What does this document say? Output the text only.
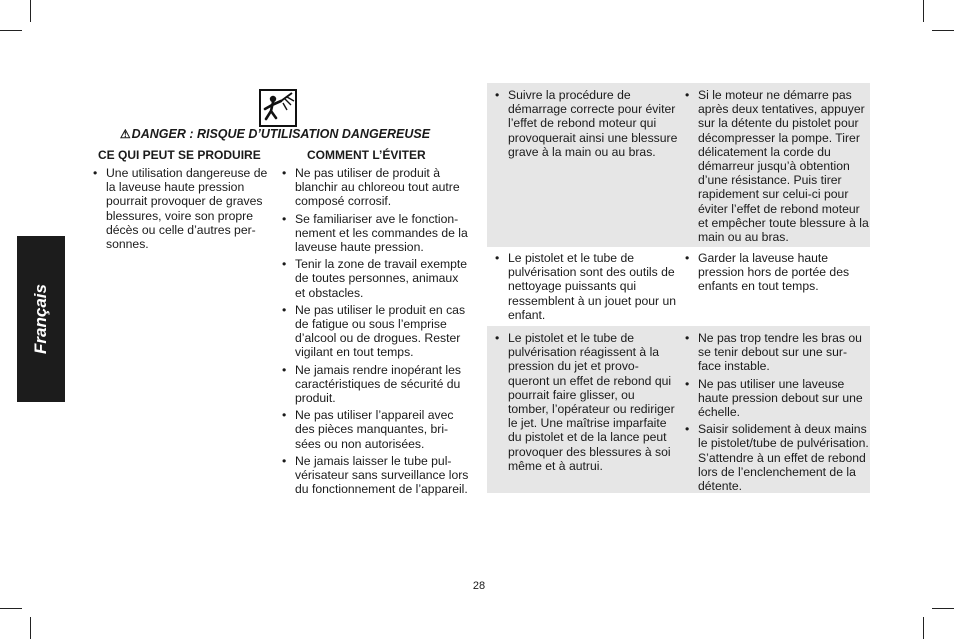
Français
⚠DANGER : RISQUE D’UTILISATION DANGEREUSE
CE QUI PEUT SE PRODUIRE	COMMENT L’ÉVITER
• Une utilisation dangereuse de la laveuse haute pression pourrait provoquer de graves blessures, voire son propre décès ou celle d’autres per-sonnes.
• Ne pas utiliser de produit à blanchir au chloreou tout autre composé corrosif.
• Se familiariser ave le fonction-nement et les commandes de la laveuse haute pression.
• Tenir la zone de travail exempte de toutes personnes, animaux et obstacles.
• Ne pas utiliser le produit en cas de fatigue ou sous l’emprise d’alcool ou de drogues. Rester vigilant en tout temps.
• Ne jamais rendre inopérant les caractéristiques de sécurité du produit.
• Ne pas utiliser l’appareil avec des pièces manquantes, bri-sées ou non autorisées.
• Ne jamais laisser le tube pul-vérisateur sans surveillance lors du fonctionnement de l’appareil.
• Suivre la procédure de démarrage correcte pour éviter l’effet de rebond moteur qui provoquerait ainsi une blessure grave à la main ou au bras.
• Si le moteur ne démarre pas après deux tentatives, appuyer sur la détente du pistolet pour décompresser la pompe. Tirer délicatement la corde du démarreur jusqu’à obtention d’une résistance. Puis tirer rapidement sur celui-ci pour éviter l’effet de rebond moteur et empêcher toute blessure à la main ou au bras.
• Le pistolet et le tube de pulvérisation sont des outils de nettoyage puissants qui ressemblent à un jouet pour un enfant.
• Garder la laveuse haute pression hors de portée des enfants en tout temps.
• Le pistolet et le tube de pulvérisation réagissent à la pression du jet et provo-queront un effet de rebond qui pourrait faire glisser, ou tomber, l’opérateur ou rediriger le jet. Une maîtrise imparfaite du pistolet et de la lance peut provoquer des blessures à soi même et à autrui.
• Ne pas trop tendre les bras ou se tenir debout sur une sur-face instable.
• Ne pas utiliser une laveuse haute pression debout sur une échelle.
• Saisir solidement à deux mains le pistolet/tube de pulvérisation. S’attendre à un effet de rebond lors de l’enclenchement de la détente.
28
